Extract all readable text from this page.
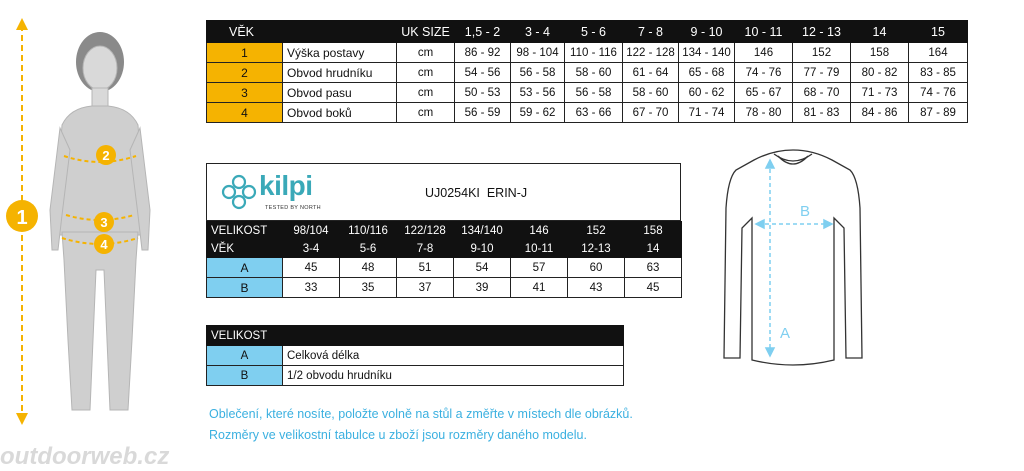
1
2
3
4
VĚK		UK SIZE	1,5 - 2	3 - 4	5 - 6	7 - 8	9 - 10	10 - 11	12 - 13	14	15
1	Výška postavy	cm	86 - 92	98 - 104	110 - 116	122 - 128	134 - 140	146	152	158	164
2	Obvod hrudníku	cm	54 - 56	56 - 58	58 - 60	61 - 64	65 - 68	74 - 76	77 - 79	80 - 82	83 - 85
3	Obvod pasu	cm	50 - 53	53 - 56	56 - 58	58 - 60	60 - 62	65 - 67	68 - 70	71 - 73	74 - 76
4	Obvod boků	cm	56 - 59	59 - 62	63 - 66	67 - 70	71 - 74	78 - 80	81 - 83	84 - 86	87 - 89
kilpi
TESTED BY NORTH
UJ0254KI  ERIN-J
VELIKOST	98/104	110/116	122/128	134/140	146	152	158
VĚK	3-4	5-6	7-8	9-10	10-11	12-13	14
A	45	48	51	54	57	60	63
B	33	35	37	39	41	43	45
VELIKOST	
A	Celková délka
B	1/2 obvodu hrudníku
B
A
Oblečení, které nosíte, položte volně na stůl a změřte v místech dle obrázků.
Rozměry ve velikostní tabulce u zboží jsou rozměry daného modelu.
outdoorweb.cz
